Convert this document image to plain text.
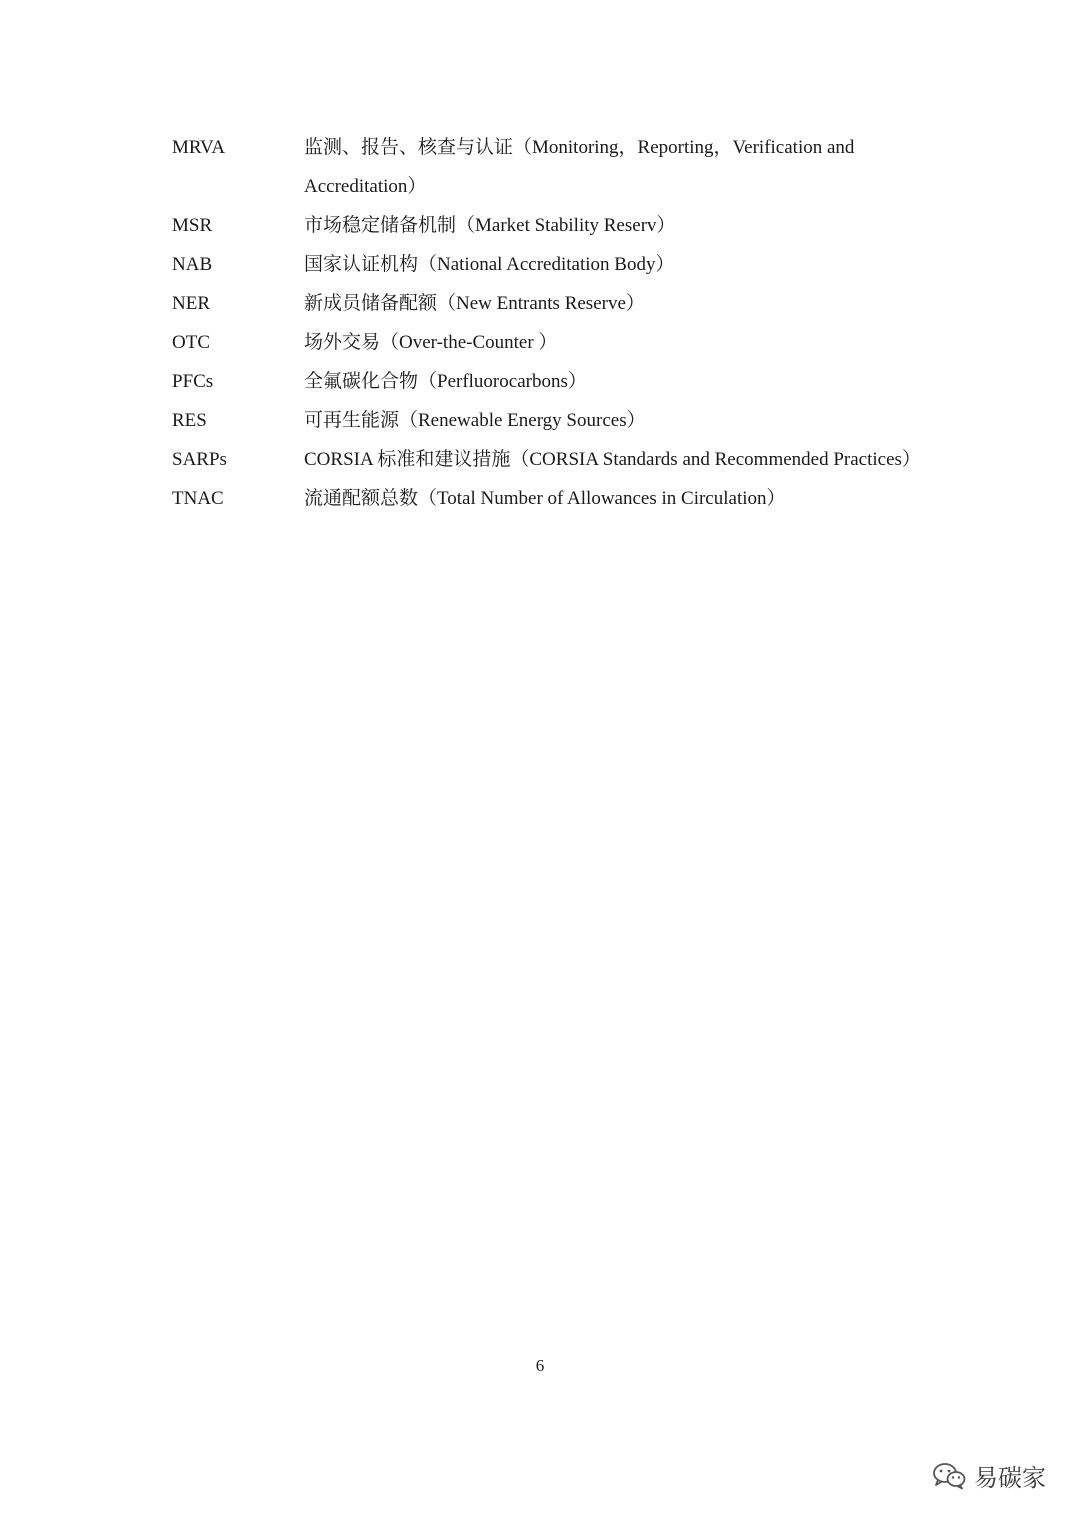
MRVA	监测、报告、核查与认证（Monitoring，Reporting，Verification and Accreditation）
MSR	市场稳定储备机制（Market Stability Reserv）
NAB	国家认证机构（National Accreditation Body）
NER	新成员储备配额（New Entrants Reserve）
OTC	场外交易（Over-the-Counter ）
PFCs	全氟碳化合物（Perfluorocarbons）
RES	可再生能源（Renewable Energy Sources）
SARPs	CORSIA 标准和建议措施（CORSIA Standards and Recommended Practices）
TNAC	流通配额总数（Total Number of Allowances in Circulation）
6
易碳家
